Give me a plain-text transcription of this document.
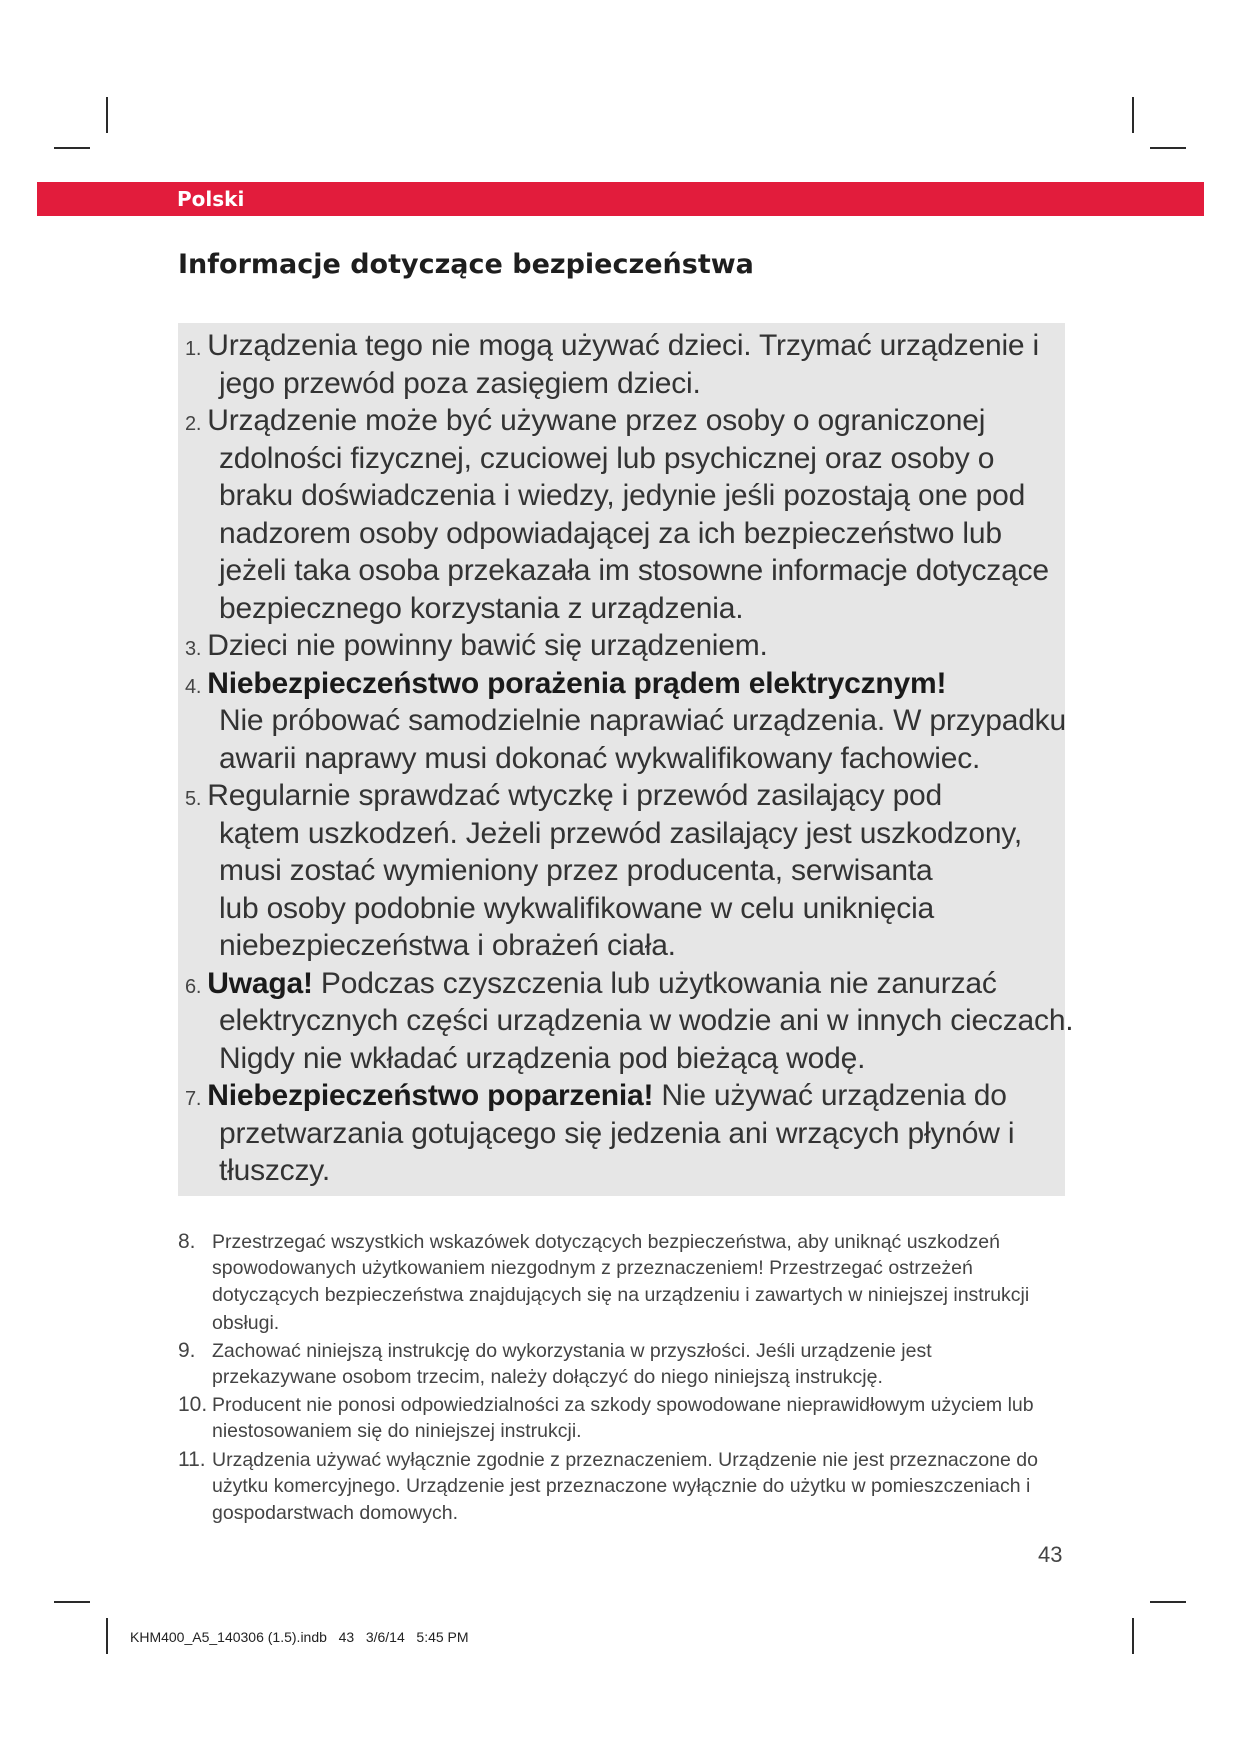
Polski
Informacje dotyczące bezpieczeństwa
1. Urządzenia tego nie mogą używać dzieci. Trzymać urządzenie i
jego przewód poza zasięgiem dzieci.
2. Urządzenie może być używane przez osoby o ograniczonej
zdolności fizycznej, czuciowej lub psychicznej oraz osoby o
braku doświadczenia i wiedzy, jedynie jeśli pozostają one pod
nadzorem osoby odpowiadającej za ich bezpieczeństwo lub
jeżeli taka osoba przekazała im stosowne informacje dotyczące
bezpiecznego korzystania z urządzenia.
3. Dzieci nie powinny bawić się urządzeniem.
4. Niebezpieczeństwo porażenia prądem elektrycznym!
Nie próbować samodzielnie naprawiać urządzenia. W przypadku
awarii naprawy musi dokonać wykwalifikowany fachowiec.
5. Regularnie sprawdzać wtyczkę i przewód zasilający pod
kątem uszkodzeń. Jeżeli przewód zasilający jest uszkodzony,
musi zostać wymieniony przez producenta, serwisanta
lub osoby podobnie wykwalifikowane w celu uniknięcia
niebezpieczeństwa i obrażeń ciała.
6. Uwaga! Podczas czyszczenia lub użytkowania nie zanurzać
elektrycznych części urządzenia w wodzie ani w innych cieczach.
Nigdy nie wkładać urządzenia pod bieżącą wodę.
7. Niebezpieczeństwo poparzenia! Nie używać urządzenia do
przetwarzania gotującego się jedzenia ani wrzących płynów i
tłuszczy.
8. Przestrzegać wszystkich wskazówek dotyczących bezpieczeństwa, aby uniknąć uszkodzeń
spowodowanych użytkowaniem niezgodnym z przeznaczeniem! Przestrzegać ostrzeżeń
dotyczących bezpieczeństwa znajdujących się na urządzeniu i zawartych w niniejszej instrukcji
obsługi.
9. Zachować niniejszą instrukcję do wykorzystania w przyszłości. Jeśli urządzenie jest
przekazywane osobom trzecim, należy dołączyć do niego niniejszą instrukcję.
10. Producent nie ponosi odpowiedzialności za szkody spowodowane nieprawidłowym użyciem lub
niestosowaniem się do niniejszej instrukcji.
11. Urządzenia używać wyłącznie zgodnie z przeznaczeniem. Urządzenie nie jest przeznaczone do
użytku komercyjnego. Urządzenie jest przeznaczone wyłącznie do użytku w pomieszczeniach i
gospodarstwach domowych.
43
KHM400_A5_140306 (1.5).indb   43   3/6/14   5:45 PM
